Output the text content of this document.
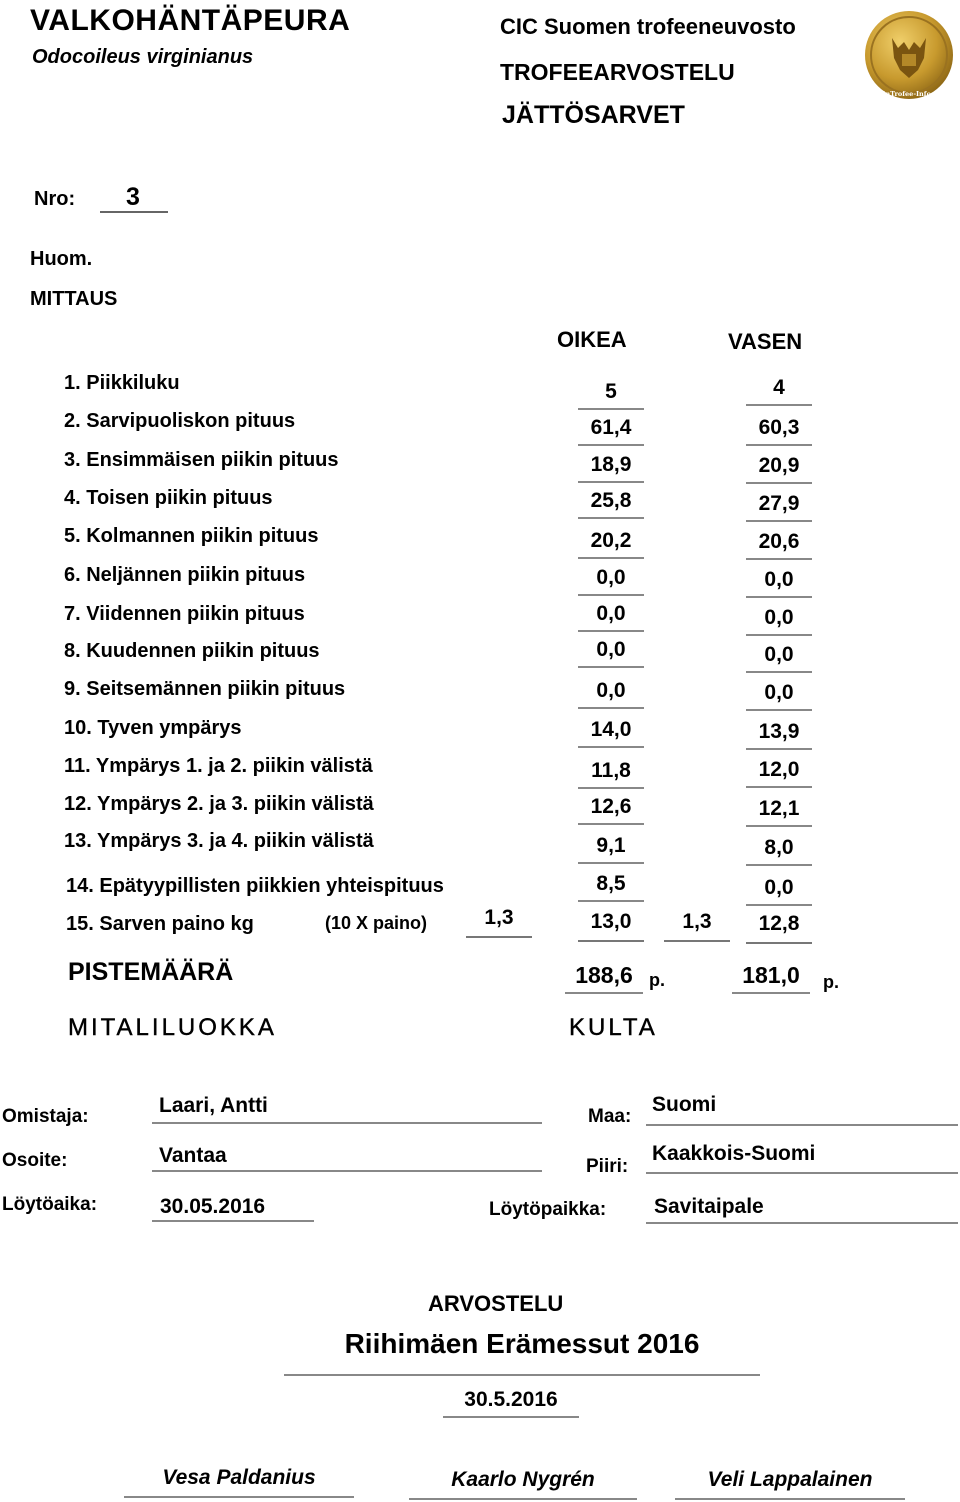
VALKOHÄNTÄPEURA
Odocoileus virginianus
CIC Suomen trofeeneuvosto
TROFEEARVOSTELU
JÄTTÖSARVET
FinTrofee-Info ©
Nro: 3
Huom.
MITTAUS
OIKEA	VASEN
1. Piikkiluku	5	4
2. Sarvipuoliskon pituus	61,4	60,3
3. Ensimmäisen piikin pituus	18,9	20,9
4. Toisen piikin pituus	25,8	27,9
5. Kolmannen piikin pituus	20,2	20,6
6. Neljännen piikin pituus	0,0	0,0
7. Viidennen piikin pituus	0,0	0,0
8. Kuudennen piikin pituus	0,0	0,0
9. Seitsemännen piikin pituus	0,0	0,0
10. Tyven ympärys	14,0	13,9
11. Ympärys 1. ja 2. piikin välistä	11,8	12,0
12. Ympärys 2. ja 3. piikin välistä	12,6	12,1
13. Ympärys 3. ja 4. piikin välistä	9,1	8,0
14. Epätyypillisten piikkien yhteispituus	8,5	0,0
15. Sarven paino kg	(10 X paino)	1,3	13,0	1,3	12,8
PISTEMÄÄRÄ	188,6 p.	181,0	p.
MITALILUOKKA	KULTA
Omistaja:	Laari, Antti	Maa:
Suomi
Osoite:	Vantaa	Piiri:
Kaakkois-Suomi
Löytöaika:	30.05.2016	Löytöpaikka: Savitaipale
ARVOSTELU
Riihimäen Erämessut 2016
30.5.2016
Vesa Paldanius	Kaarlo Nygrén	Veli Lappalainen
